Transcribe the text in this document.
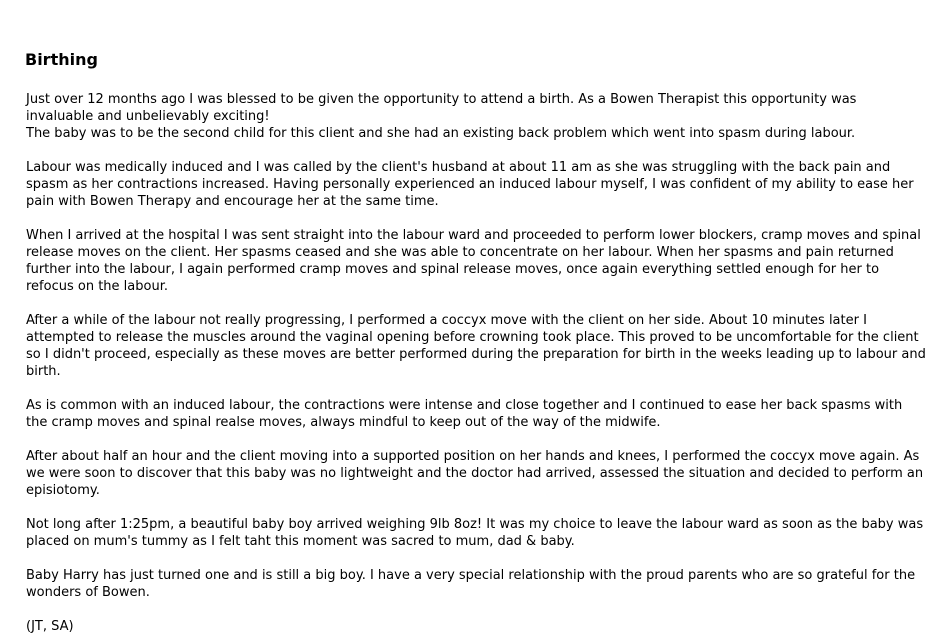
Birthing

Just over 12 months ago I was blessed to be given the opportunity to attend a birth. As a Bowen Therapist this opportunity was invaluable and unbelievably exciting!
The baby was to be the second child for this client and she had an existing back problem which went into spasm during labour.

Labour was medically induced and I was called by the client's husband at about 11 am as she was struggling with the back pain and spasm as her contractions increased. Having personally experienced an induced labour myself, I was confident of my ability to ease her pain with Bowen Therapy and encourage her at the same time.

When I arrived at the hospital I was sent straight into the labour ward and proceeded to perform lower blockers, cramp moves and spinal release moves on the client. Her spasms ceased and she was able to concentrate on her labour. When her spasms and pain returned further into the labour, I again performed cramp moves and spinal release moves, once again everything settled enough for her to refocus on the labour.

After a while of the labour not really progressing, I performed a coccyx move with the client on her side. About 10 minutes later I attempted to release the muscles around the vaginal opening before crowning took place. This proved to be uncomfortable for the client so I didn't proceed, especially as these moves are better performed during the preparation for birth in the weeks leading up to labour and birth.

As is common with an induced labour, the contractions were intense and close together and I continued to ease her back spasms with the cramp moves and spinal realse moves, always mindful to keep out of the way of the midwife.

After about half an hour and the client moving into a supported position on her hands and knees, I performed the coccyx move again. As we were soon to discover that this baby was no lightweight and the doctor had arrived, assessed the situation and decided to perform an episiotomy.

Not long after 1:25pm, a beautiful baby boy arrived weighing 9lb 8oz! It was my choice to leave the labour ward as soon as the baby was placed on mum's tummy as I felt taht this moment was sacred to mum, dad & baby.

Baby Harry has just turned one and is still a big boy. I have a very special relationship with the proud parents who are so grateful for the wonders of Bowen.

(JT, SA)
